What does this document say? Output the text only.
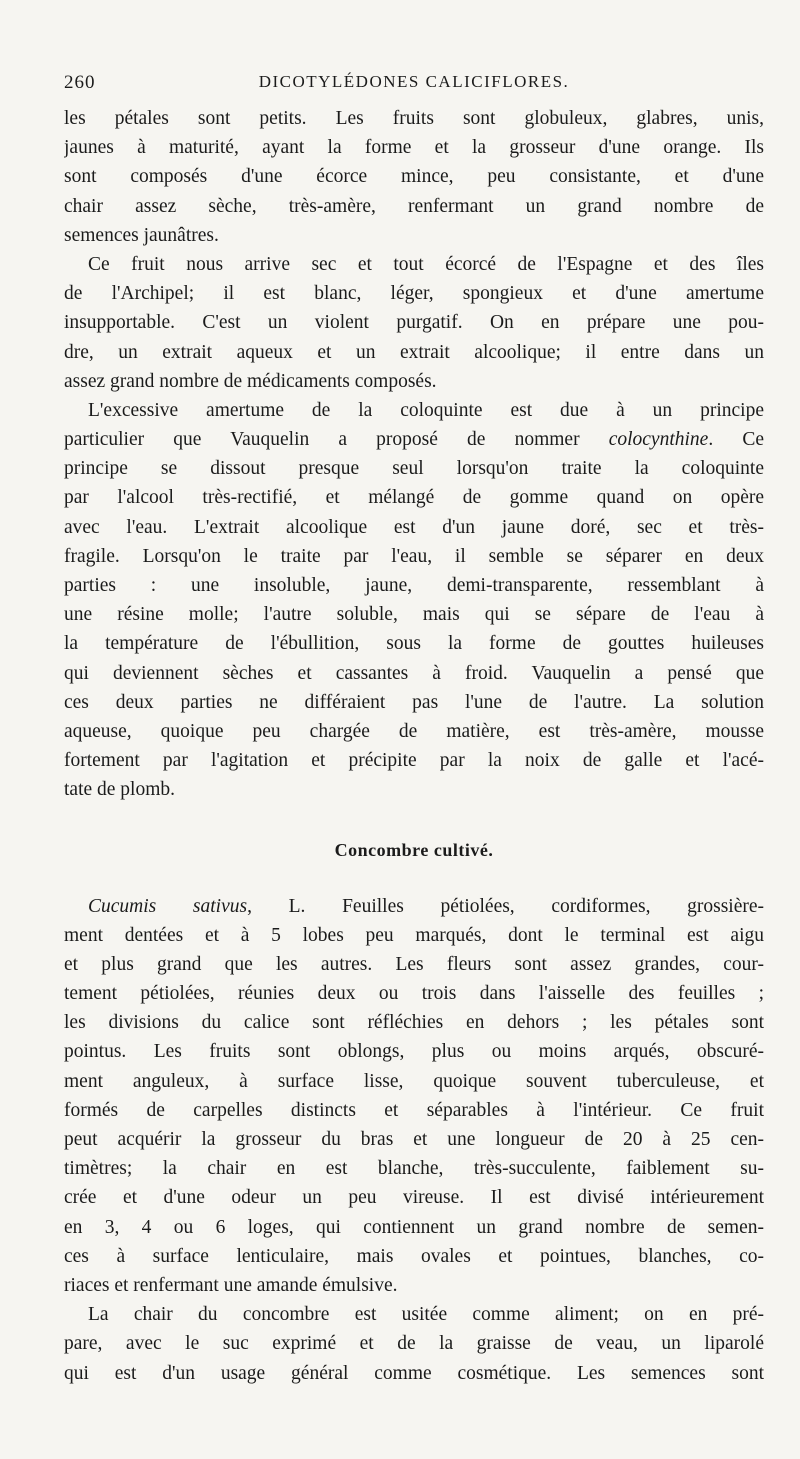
260	DICOTYLÉDONES CALICIFLORES.
les pétales sont petits. Les fruits sont globuleux, glabres, unis,
jaunes à maturité, ayant la forme et la grosseur d'une orange. Ils
sont composés d'une écorce mince, peu consistante, et d'une
chair assez sèche, très-amère, renfermant un grand nombre de
semences jaunâtres.
Ce fruit nous arrive sec et tout écorcé de l'Espagne et des îles
de l'Archipel; il est blanc, léger, spongieux et d'une amertume
insupportable. C'est un violent purgatif. On en prépare une pou-
dre, un extrait aqueux et un extrait alcoolique; il entre dans un
assez grand nombre de médicaments composés.
L'excessive amertume de la coloquinte est due à un principe
particulier que Vauquelin a proposé de nommer colocynthine. Ce
principe se dissout presque seul lorsqu'on traite la coloquinte
par l'alcool très-rectifié, et mélangé de gomme quand on opère
avec l'eau. L'extrait alcoolique est d'un jaune doré, sec et très-
fragile. Lorsqu'on le traite par l'eau, il semble se séparer en deux
parties : une insoluble, jaune, demi-transparente, ressemblant à
une résine molle; l'autre soluble, mais qui se sépare de l'eau à
la température de l'ébullition, sous la forme de gouttes huileuses
qui deviennent sèches et cassantes à froid. Vauquelin a pensé que
ces deux parties ne différaient pas l'une de l'autre. La solution
aqueuse, quoique peu chargée de matière, est très-amère, mousse
fortement par l'agitation et précipite par la noix de galle et l'acé-
tate de plomb.
Concombre cultivé.
Cucumis sativus, L. Feuilles pétiolées, cordiformes, grossière-
ment dentées et à 5 lobes peu marqués, dont le terminal est aigu
et plus grand que les autres. Les fleurs sont assez grandes, cour-
tement pétiolées, réunies deux ou trois dans l'aisselle des feuilles ;
les divisions du calice sont réfléchies en dehors ; les pétales sont
pointus. Les fruits sont oblongs, plus ou moins arqués, obscuré-
ment anguleux, à surface lisse, quoique souvent tuberculeuse, et
formés de carpelles distincts et séparables à l'intérieur. Ce fruit
peut acquérir la grosseur du bras et une longueur de 20 à 25 cen-
timètres; la chair en est blanche, très-succulente, faiblement su-
crée et d'une odeur un peu vireuse. Il est divisé intérieurement
en 3, 4 ou 6 loges, qui contiennent un grand nombre de semen-
ces à surface lenticulaire, mais ovales et pointues, blanches, co-
riaces et renfermant une amande émulsive.
La chair du concombre est usitée comme aliment; on en pré-
pare, avec le suc exprimé et de la graisse de veau, un liparolé
qui est d'un usage général comme cosmétique. Les semences sont
